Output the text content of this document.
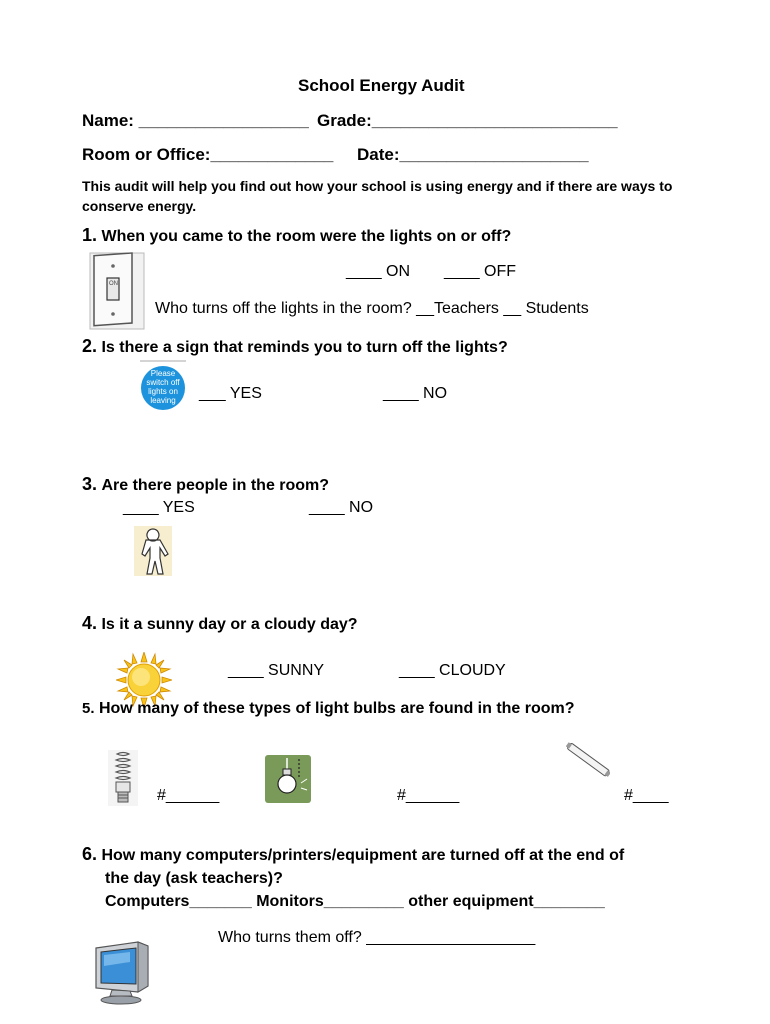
School Energy Audit
Name: __________________ Grade:__________________________
Room or Office:_____________ Date:____________________
This audit will help you find out how your school is using energy and if there are ways to conserve energy.
1. When you came to the room were the lights on or off?
ON
____ ON ____ OFF
Who turns off the lights in the room? __Teachers __ Students
2. Is there a sign that reminds you to turn off the lights?
Please
switch off
lights on
leaving ___ YES	____ NO
3. Are there people in the room?
____ YES	____ NO
4. Is it a sunny day or a cloudy day?
____ SUNNY	____ CLOUDY
5. How many of these types of light bulbs are found in the room?
#______	#______	#____
6. How many computers/printers/equipment are turned off at the end of
the day (ask teachers)?
Computers_______ Monitors_________ other equipment________
Who turns them off? ___________________
